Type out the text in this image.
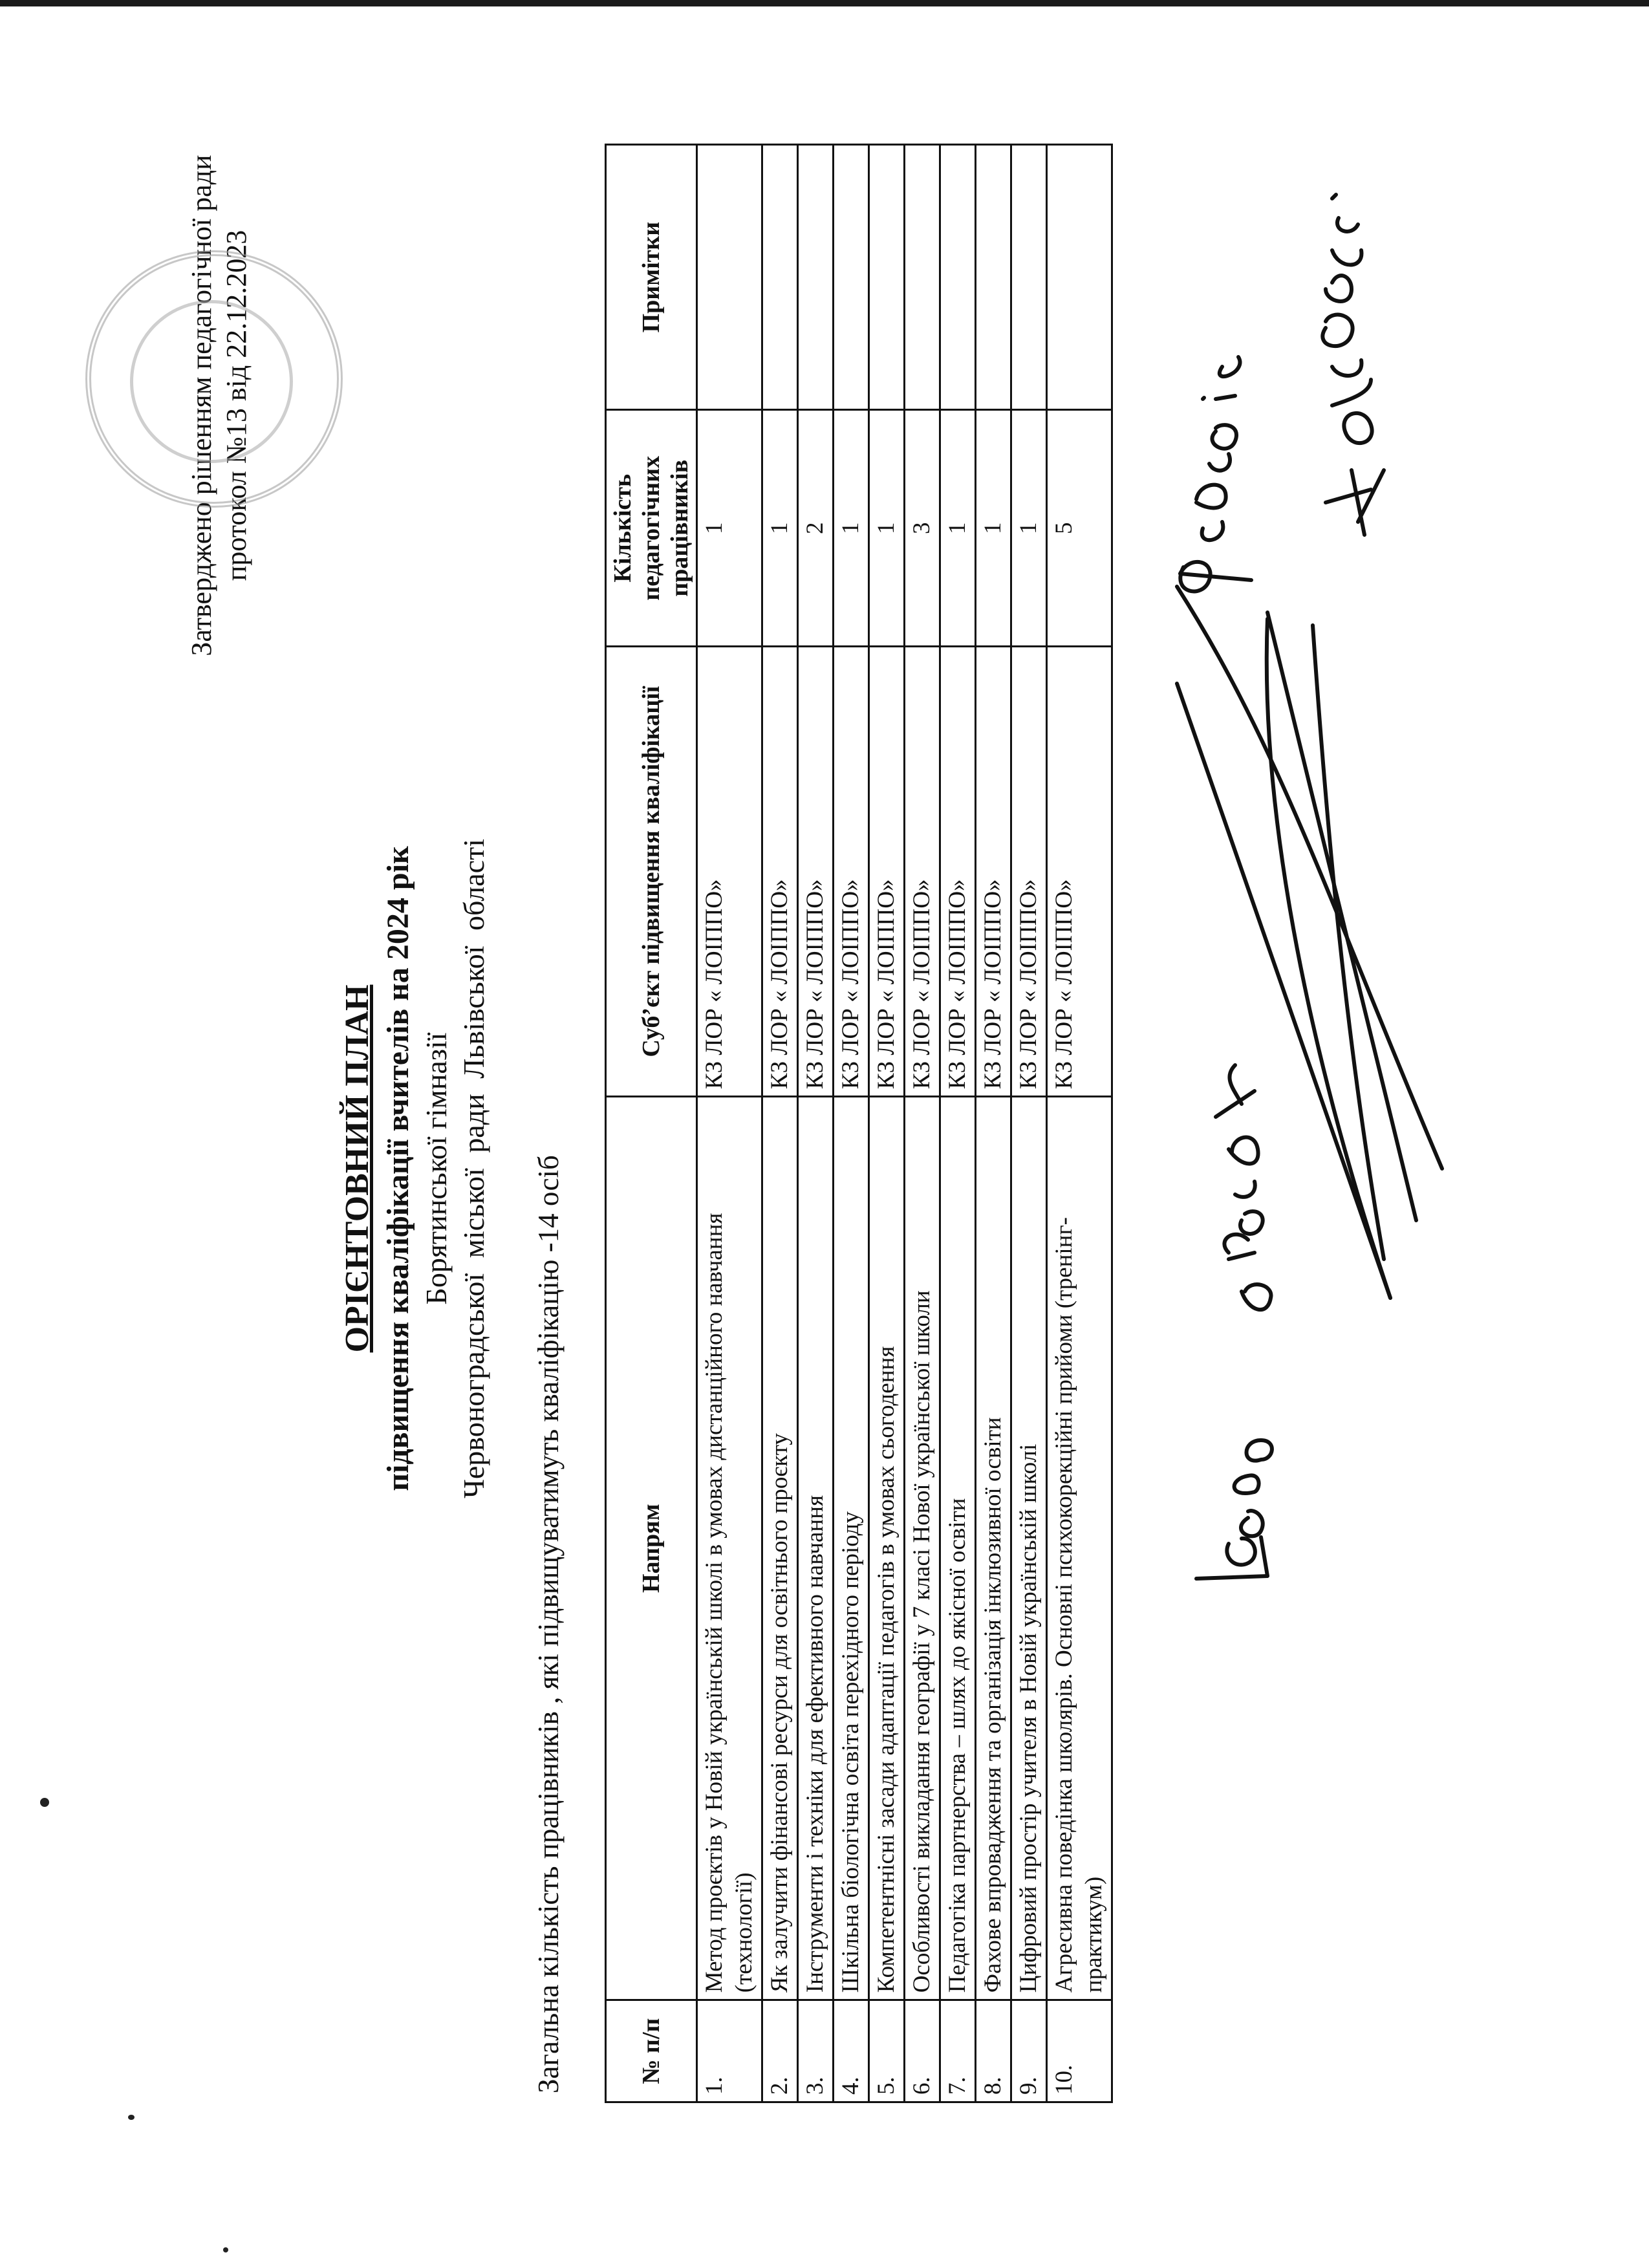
Затверджено рішенням педагогічної ради протокол №13 від 22.12.2023
ОРІЄНТОВНИЙ ПЛАН підвищення кваліфікації вчителів на 2024 рік Борятинської гімназії Червоноградської міської ради Львівської області Загальна кількість працівників , які підвищуватимуть кваліфікацію -14 осіб	№ п/п	Напрям	Суб’єкт підвищення кваліфікації	Кількість педагогічних працівників	Примітки
1.	Метод проєктів у Новій українській школі в умовах дистанційного навчання (технології)	КЗ ЛОР « ЛОІППО»	1	
2.	Як залучити фінансові ресурси для освітнього проєкту	КЗ ЛОР « ЛОІППО»	1	
3.	Інструменти і техніки для ефективного навчання	КЗ ЛОР « ЛОІППО»	2	
4.	Шкільна біологічна освіта перехідного періоду	КЗ ЛОР « ЛОІППО»	1	
5.	Компетентнісні засади адаптації педагогів в умовах сьогодення	КЗ ЛОР « ЛОІППО»	1	
6.	Особливості викладання географії у 7 класі Нової української школи	КЗ ЛОР « ЛОІППО»	3	
7.	Педагогіка партнерства – шлях до якісної освіти	КЗ ЛОР « ЛОІППО»	1	
8.	Фахове впровадження та організація інклюзивної освіти	КЗ ЛОР « ЛОІППО»	1	
9.	Цифровий простір учителя в Новій українській школі	КЗ ЛОР « ЛОІППО»	1	
10.	Агресивна поведінка школярів. Основні психокорекційні прийоми (тренінг-практикум)	КЗ ЛОР « ЛОІППО»	5	
